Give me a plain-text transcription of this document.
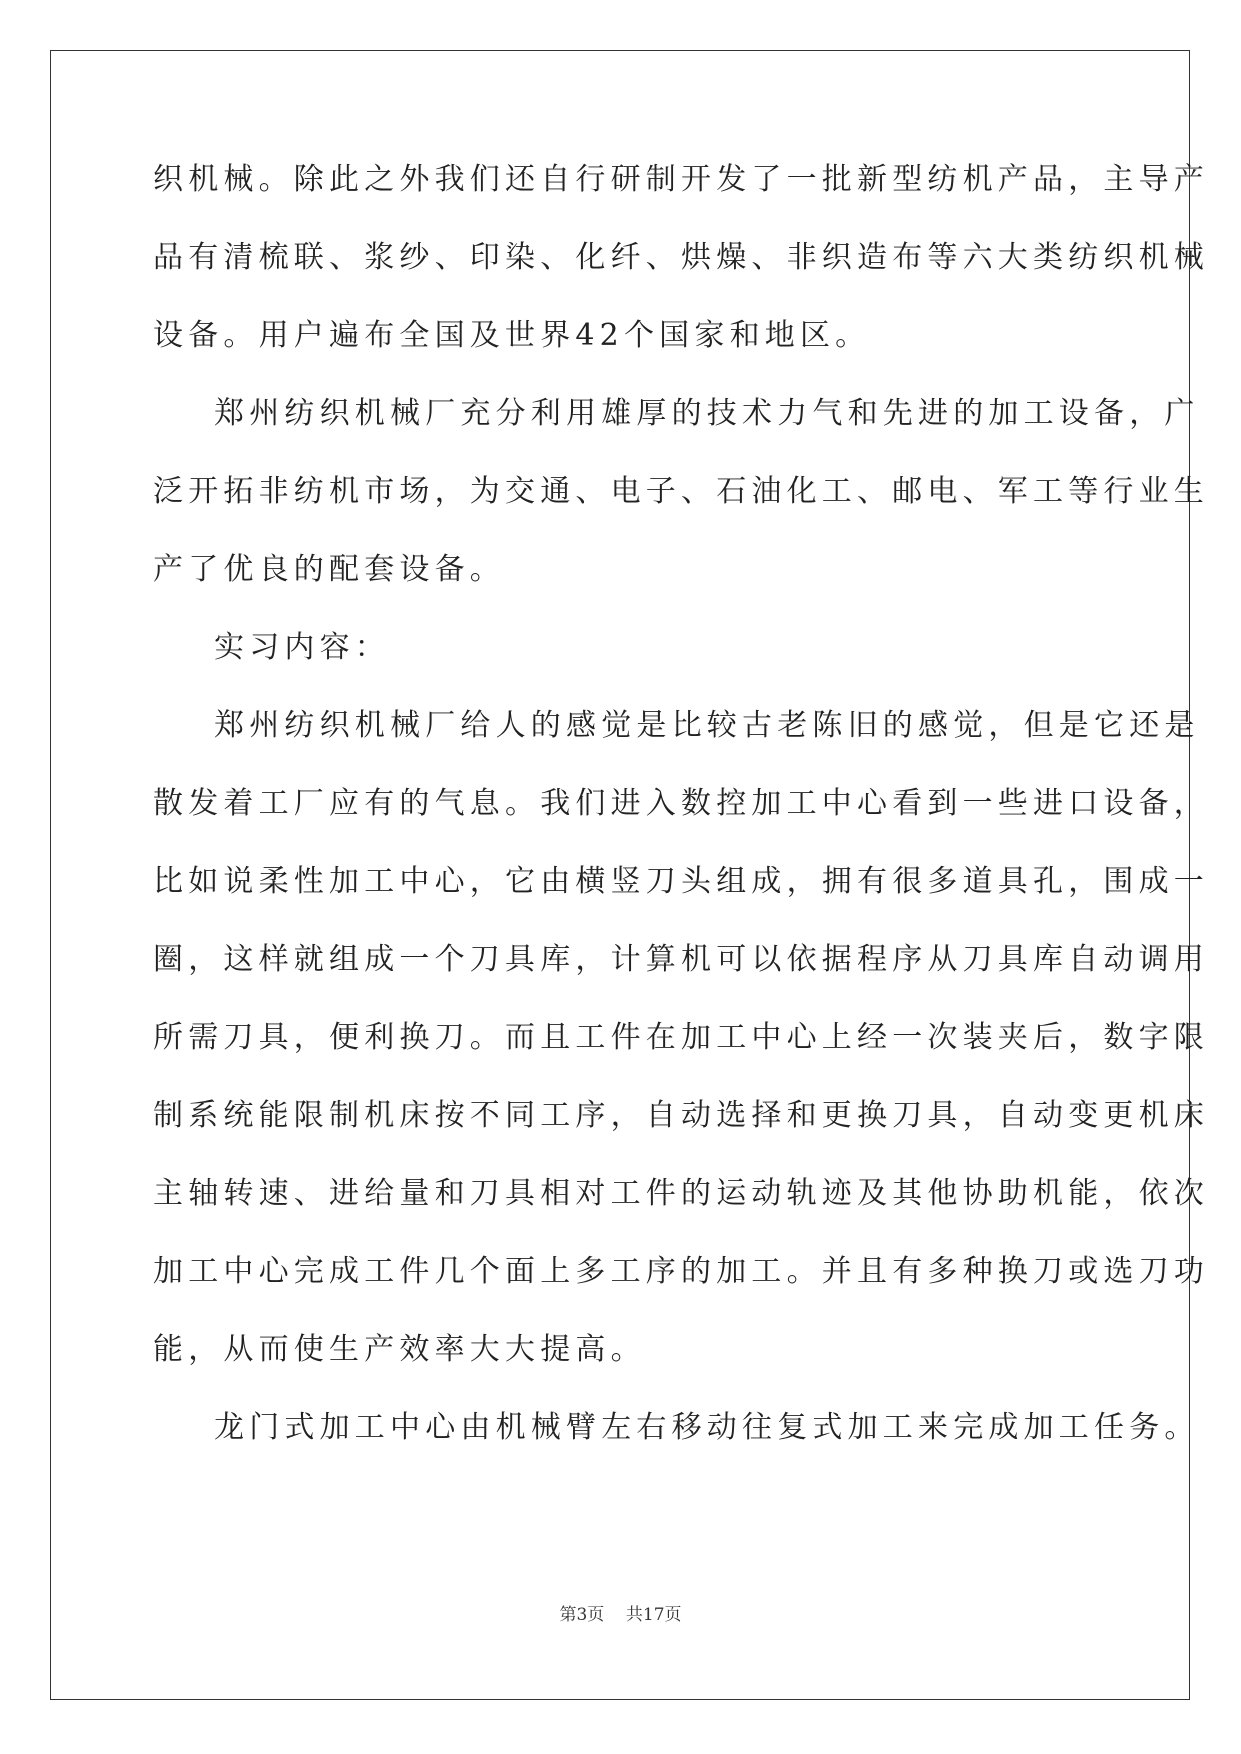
织机械。除此之外我们还自行研制开发了一批新型纺机产品，主导产
品有清梳联、浆纱、印染、化纤、烘燥、非织造布等六大类纺织机械
设备。用户遍布全国及世界42个国家和地区。
郑州纺织机械厂充分利用雄厚的技术力气和先进的加工设备，广
泛开拓非纺机市场，为交通、电子、石油化工、邮电、军工等行业生
产了优良的配套设备。
实习内容：
郑州纺织机械厂给人的感觉是比较古老陈旧的感觉，但是它还是
散发着工厂应有的气息。我们进入数控加工中心看到一些进口设备，
比如说柔性加工中心，它由横竖刀头组成，拥有很多道具孔，围成一
圈，这样就组成一个刀具库，计算机可以依据程序从刀具库自动调用
所需刀具，便利换刀。而且工件在加工中心上经一次装夹后，数字限
制系统能限制机床按不同工序，自动选择和更换刀具，自动变更机床
主轴转速、进给量和刀具相对工件的运动轨迹及其他协助机能，依次
加工中心完成工件几个面上多工序的加工。并且有多种换刀或选刀功
能，从而使生产效率大大提高。
龙门式加工中心由机械臂左右移动往复式加工来完成加工任务。
第3页 共17页
